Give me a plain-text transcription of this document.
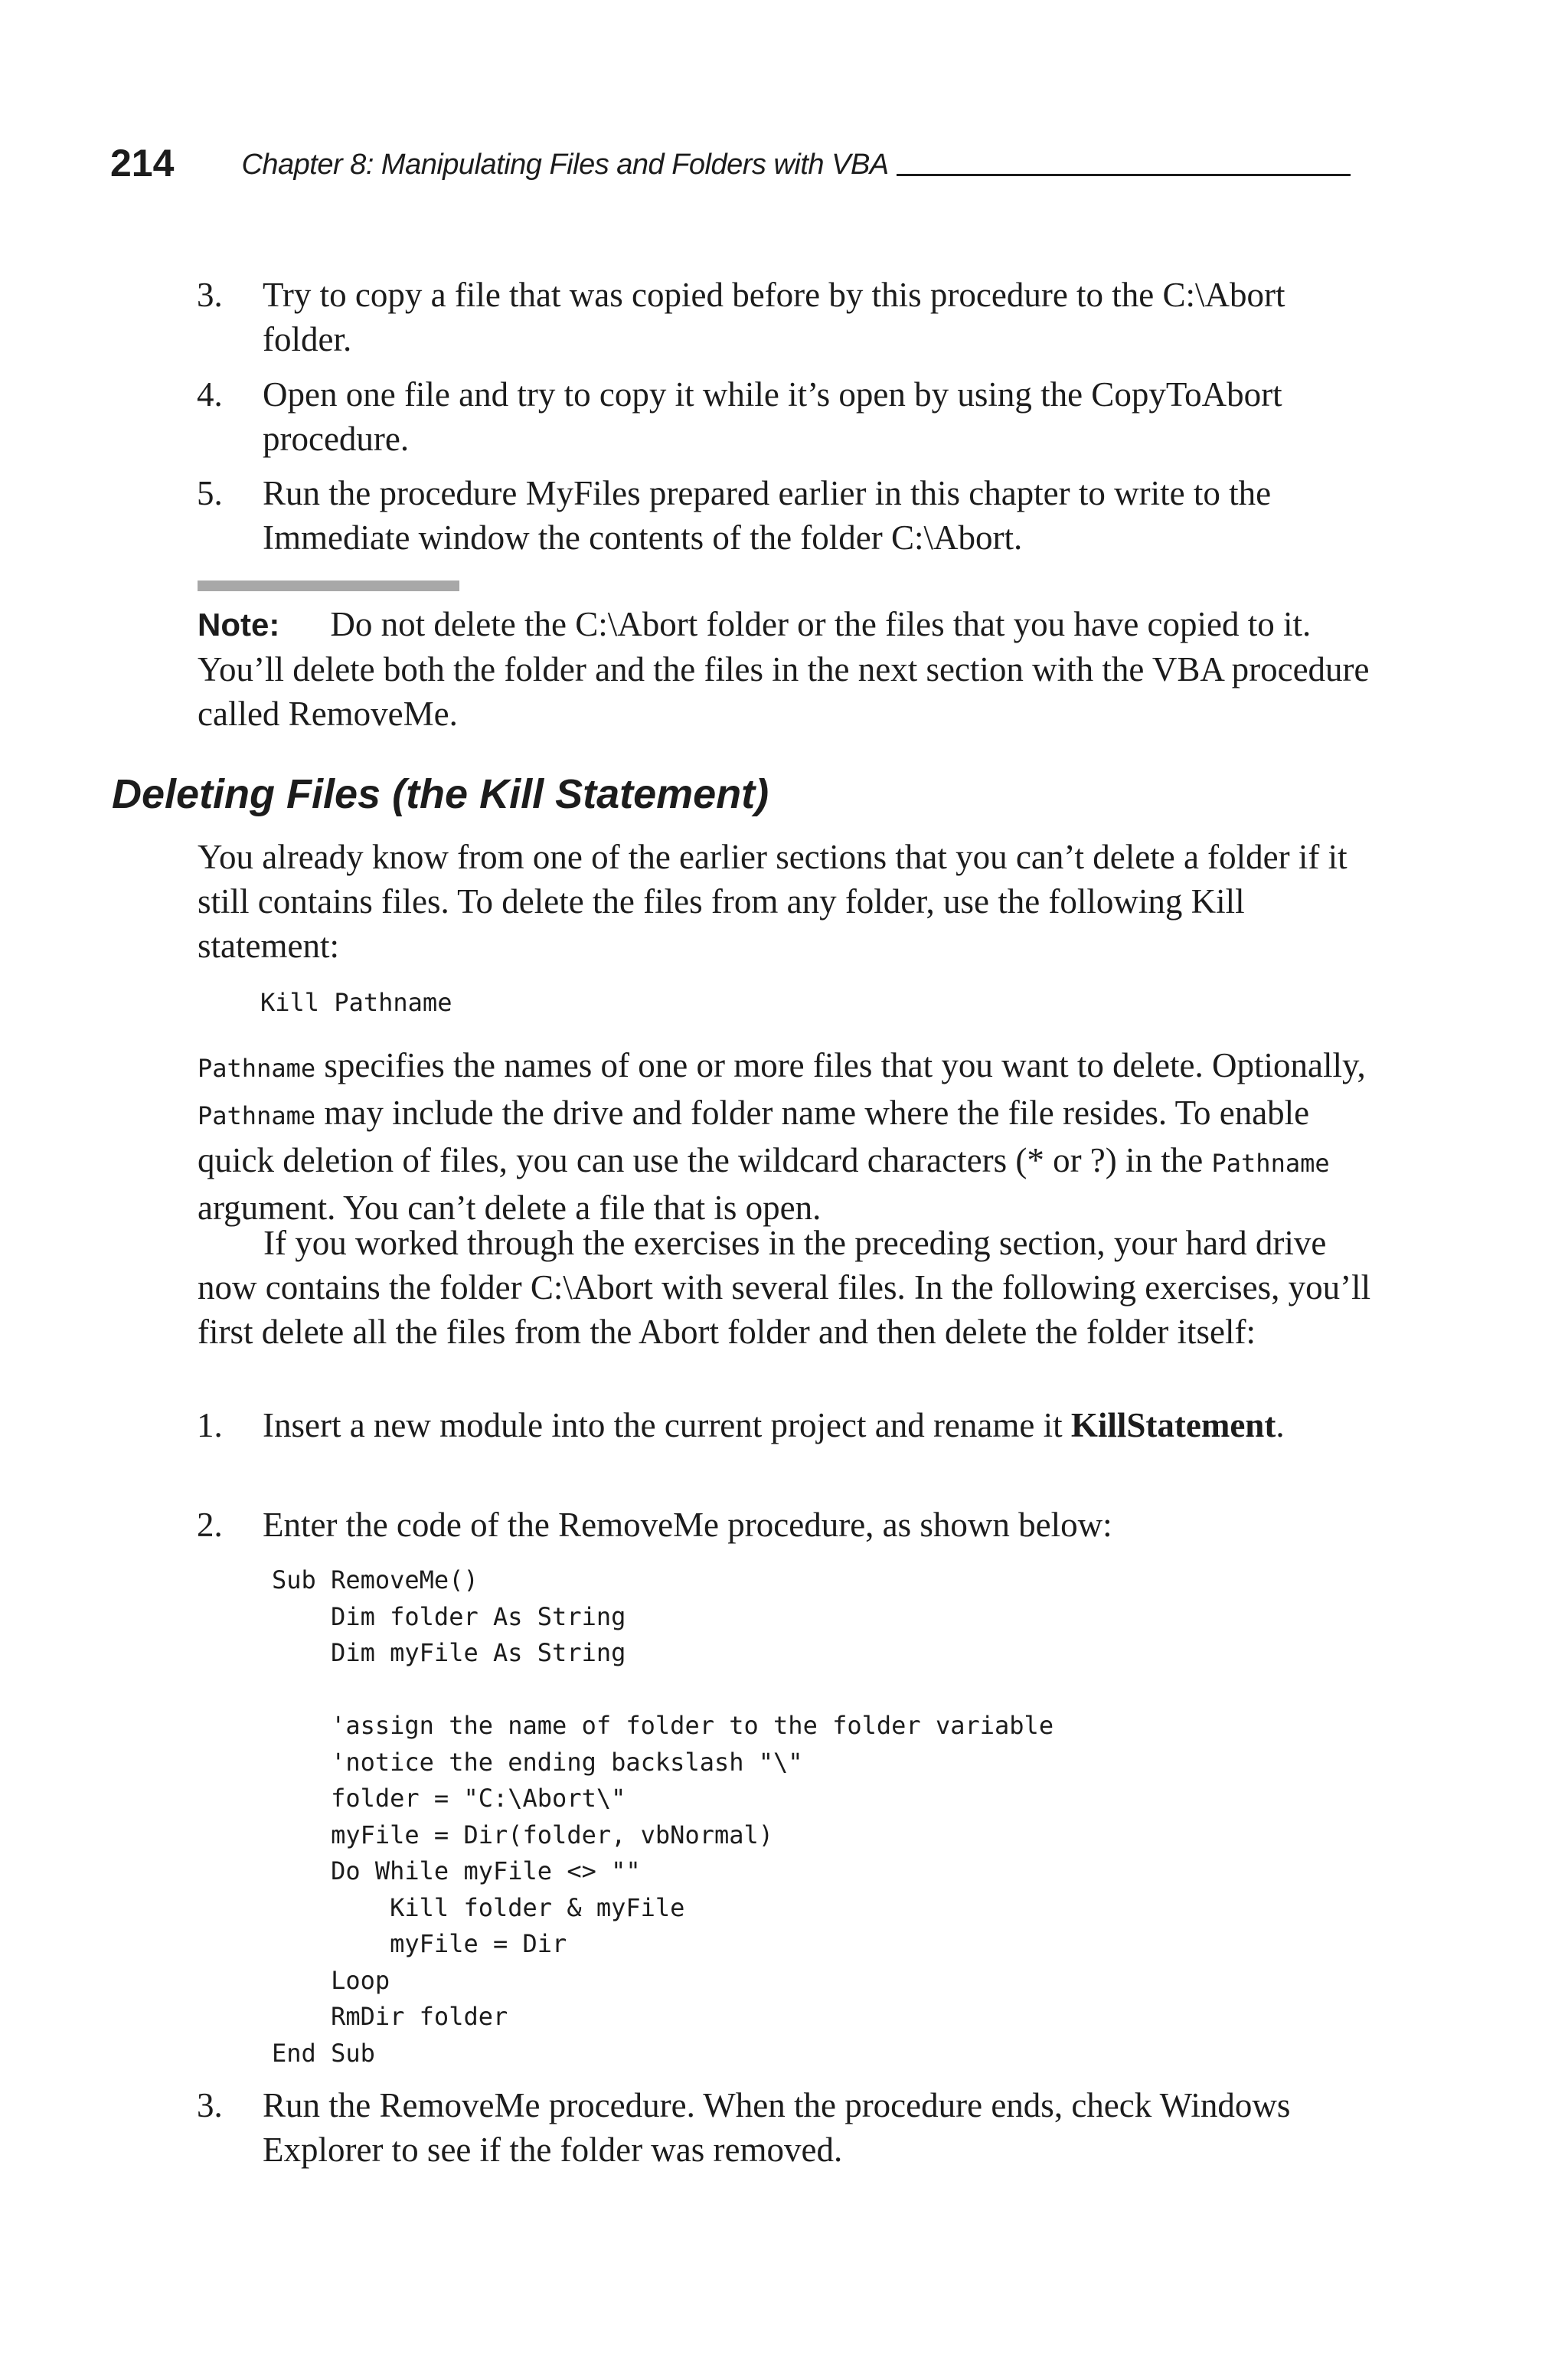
214 Chapter 8: Manipulating Files and Folders with VBA
3.	Try to copy a file that was copied before by this procedure to the C:\Abort folder.
4.	Open one file and try to copy it while it’s open by using the CopyToAbort procedure.
5.	Run the procedure MyFiles prepared earlier in this chapter to write to the Immediate window the contents of the folder C:\Abort.
Note: Do not delete the C:\Abort folder or the files that you have copied to it. You’ll delete both the folder and the files in the next section with the VBA procedure called RemoveMe.
Deleting Files (the Kill Statement)
You already know from one of the earlier sections that you can’t delete a folder if it still contains files. To delete the files from any folder, use the following Kill statement:
Kill Pathname
Pathname specifies the names of one or more files that you want to delete. Optionally, Pathname may include the drive and folder name where the file resides. To enable quick deletion of files, you can use the wildcard characters (* or ?) in the Pathname argument. You can’t delete a file that is open.
If you worked through the exercises in the preceding section, your hard drive now contains the folder C:\Abort with several files. In the following exercises, you’ll first delete all the files from the Abort folder and then delete the folder itself:
1.	Insert a new module into the current project and rename it KillStatement.
2.	Enter the code of the RemoveMe procedure, as shown below:
Sub RemoveMe()
Dim folder As String
Dim myFile As String

'assign the name of folder to the folder variable
'notice the ending backslash "\"
folder = "C:\Abort\"
myFile = Dir(folder, vbNormal)
Do While myFile <> ""
Kill folder & myFile
myFile = Dir
Loop
RmDir folder
End Sub
3.	Run the RemoveMe procedure. When the procedure ends, check Windows Explorer to see if the folder was removed.
